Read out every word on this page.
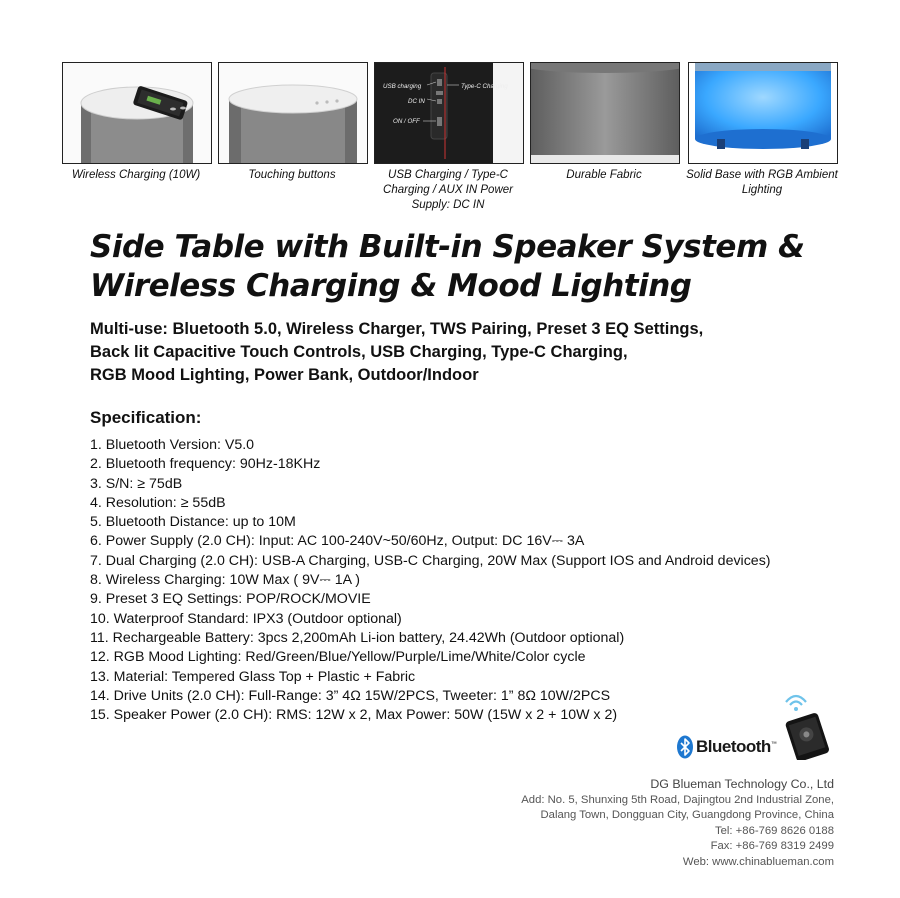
Wireless Charging (10W)	Touching buttons
USB charging	Type-C Charging
DC IN
ON / OFF
USB Charging / Type-C Charging / AUX IN Power Supply: DC IN
Durable Fabric	Solid Base with RGB Ambient Lighting
Side Table with Built-in Speaker System &
Wireless Charging & Mood Lighting
Multi-use: Bluetooth 5.0, Wireless Charger, TWS Pairing, Preset 3 EQ Settings,
Back lit Capacitive Touch Controls, USB Charging, Type-C Charging,
RGB Mood Lighting, Power Bank, Outdoor/Indoor
Specification:
1. Bluetooth Version: V5.0
2. Bluetooth frequency: 90Hz-18KHz
3. S/N: ≥ 75dB
4. Resolution: ≥ 55dB
5. Bluetooth Distance: up to 10M
6. Power Supply (2.0 CH): Input: AC 100-240V~50/60Hz, Output: DC 16V⎓ 3A
7. Dual Charging (2.0 CH): USB-A Charging, USB-C Charging, 20W Max (Support IOS and Android devices)
8. Wireless Charging: 10W Max ( 9V⎓ 1A )
9. Preset 3 EQ Settings: POP/ROCK/MOVIE
10. Waterproof Standard: IPX3 (Outdoor optional)
11. Rechargeable Battery: 3pcs 2,200mAh Li-ion battery, 24.42Wh (Outdoor optional)
12. RGB Mood Lighting: Red/Green/Blue/Yellow/Purple/Lime/White/Color cycle
13. Material: Tempered Glass Top + Plastic + Fabric
14. Drive Units (2.0 CH): Full-Range: 3” 4Ω 15W/2PCS, Tweeter: 1” 8Ω 10W/2PCS
15. Speaker Power (2.0 CH): RMS: 12W x 2, Max Power: 50W (15W x 2 + 10W x 2)
Bluetooth™
DG Blueman Technology Co., Ltd
Add: No. 5, Shunxing 5th Road, Dajingtou 2nd Industrial Zone,
Dalang Town, Dongguan City, Guangdong Province, China
Tel: +86-769 8626 0188
Fax: +86-769 8319 2499
Web: www.chinablueman.com
